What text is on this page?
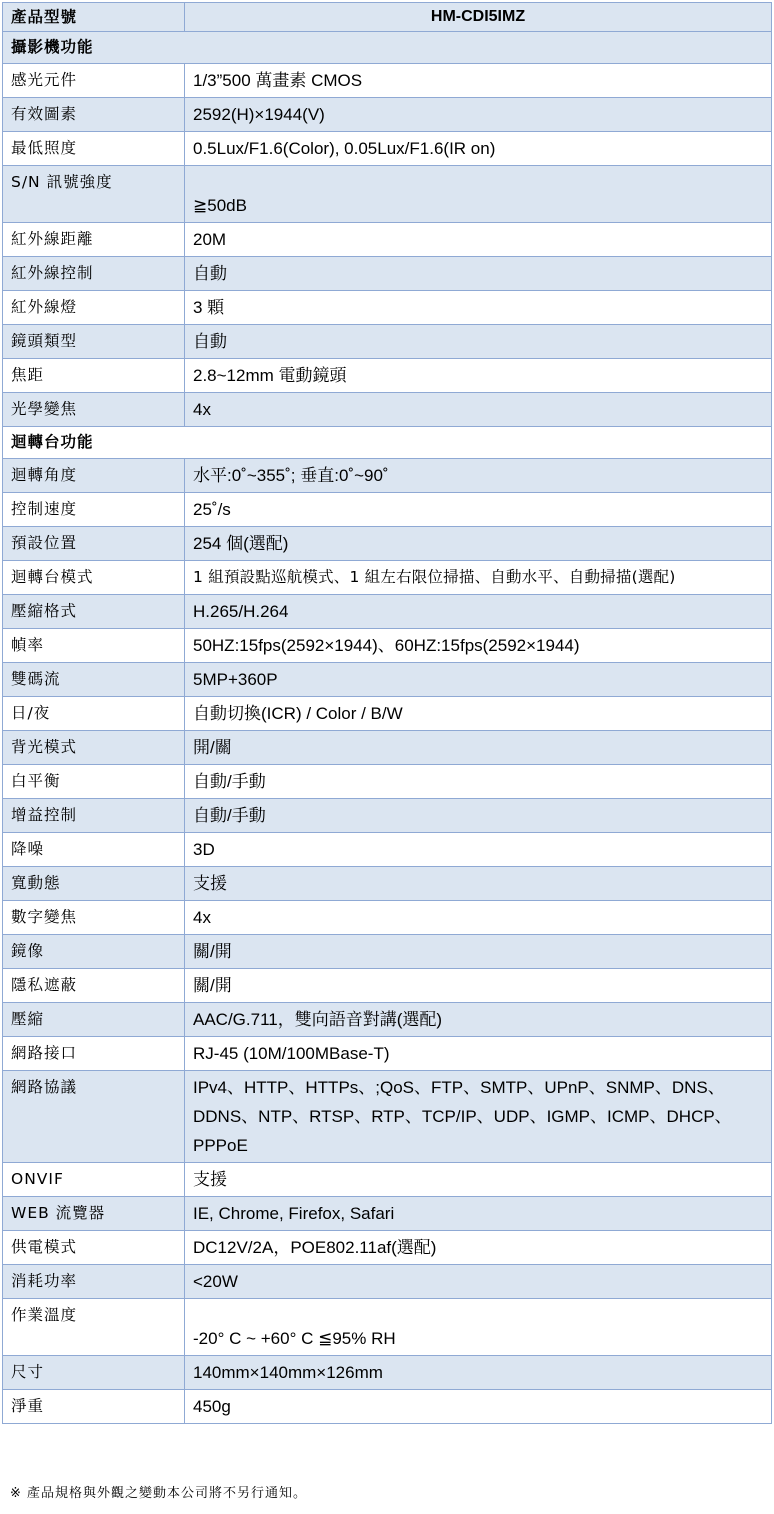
產品型號	HM-CDI5IMZ
攝影機功能	
感光元件	1/3”500 萬畫素 CMOS
有效圖素	2592(H)×1944(V)
最低照度	0.5Lux/F1.6(Color), 0.05Lux/F1.6(IR on)
S/N 訊號強度	≧50dB
紅外線距離	20M
紅外線控制	自動
紅外線燈	3 顆
鏡頭類型	自動
焦距	2.8~12mm 電動鏡頭
光學變焦	4x
迴轉台功能	
迴轉角度	水平:0˚~355˚; 垂直:0˚~90˚
控制速度	25˚/s
預設位置	254 個(選配)
迴轉台模式	1 組預設點巡航模式、1 組左右限位掃描、自動水平、自動掃描(選配)
壓縮格式	H.265/H.264
幀率	50HZ:15fps(2592×1944)、60HZ:15fps(2592×1944)
雙碼流	5MP+360P
日/夜	自動切換(ICR) / Color / B/W
背光模式	開/關
白平衡	自動/手動
增益控制	自動/手動
降噪	3D
寬動態	支援
數字變焦	4x
鏡像	關/開
隱私遮蔽	關/開
壓縮	AAC/G.711，雙向語音對講(選配)
網路接口	RJ-45 (10M/100MBase-T)
網路協議	IPv4、HTTP、HTTPs、;QoS、FTP、SMTP、UPnP、SNMP、DNS、DDNS、NTP、RTSP、RTP、TCP/IP、UDP、IGMP、ICMP、DHCP、PPPoE
ONVIF	支援
WEB 流覽器	IE, Chrome, Firefox, Safari
供電模式	DC12V/2A，POE802.11af(選配)
消耗功率	<20W
作業溫度	-20° C ~ +60° C ≦95% RH
尺寸	140mm×140mm×126mm
淨重	450g
※ 產品規格與外觀之變動本公司將不另行通知。
